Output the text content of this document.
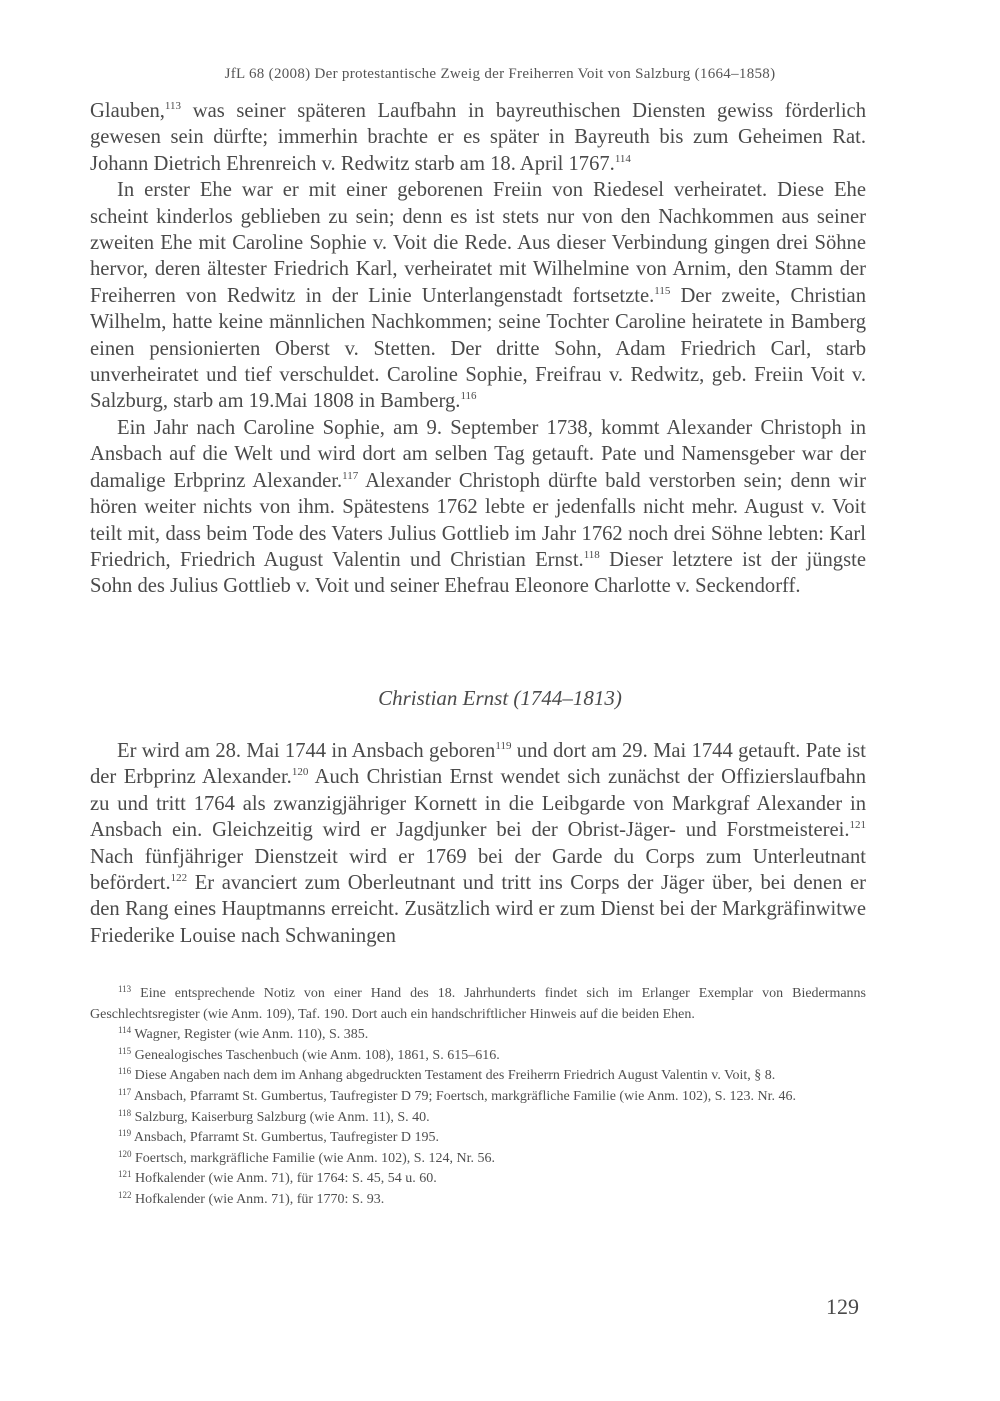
JfL 68 (2008) Der protestantische Zweig der Freiherren Voit von Salzburg (1664–1858)

Glauben,$^{113}$ was seiner späteren Laufbahn in bayreuthischen Diensten gewiss förderlich gewesen sein dürfte; immerhin brachte er es später in Bayreuth bis zum Geheimen Rat. Johann Dietrich Ehrenreich v. Redwitz starb am 18. April 1767.$^{114}$

In erster Ehe war er mit einer geborenen Freiin von Riedesel verheiratet. Diese Ehe scheint kinderlos geblieben zu sein; denn es ist stets nur von den Nachkommen aus seiner zweiten Ehe mit Caroline Sophie v. Voit die Rede. Aus dieser Verbindung gingen drei Söhne hervor, deren ältester Friedrich Karl, verheiratet mit Wilhelmine von Arnim, den Stamm der Freiherren von Redwitz in der Linie Unterlangenstadt fortsetzte.$^{115}$ Der zweite, Christian Wilhelm, hatte keine männlichen Nachkommen; seine Tochter Caroline heiratete in Bamberg einen pensionierten Oberst v. Stetten. Der dritte Sohn, Adam Friedrich Carl, starb unverheiratet und tief verschuldet. Caroline Sophie, Freifrau v. Redwitz, geb. Freiin Voit v. Salzburg, starb am 19.Mai 1808 in Bamberg.$^{116}$

Ein Jahr nach Caroline Sophie, am 9. September 1738, kommt Alexander Christoph in Ansbach auf die Welt und wird dort am selben Tag getauft. Pate und Namensgeber war der damalige Erbprinz Alexander.$^{117}$ Alexander Christoph dürfte bald verstorben sein; denn wir hören weiter nichts von ihm. Spätestens 1762 lebte er jedenfalls nicht mehr. August v. Voit teilt mit, dass beim Tode des Vaters Julius Gottlieb im Jahr 1762 noch drei Söhne lebten: Karl Friedrich, Friedrich August Valentin und Christian Ernst.$^{118}$ Dieser letztere ist der jüngste Sohn des Julius Gottlieb v. Voit und seiner Ehefrau Eleonore Charlotte v. Seckendorff.

Christian Ernst (1744–1813)

Er wird am 28. Mai 1744 in Ansbach geboren$^{119}$ und dort am 29. Mai 1744 getauft. Pate ist der Erbprinz Alexander.$^{120}$ Auch Christian Ernst wendet sich zunächst der Offizierslaufbahn zu und tritt 1764 als zwanzigjähriger Kornett in die Leibgarde von Markgraf Alexander in Ansbach ein. Gleichzeitig wird er Jagdjunker bei der Obrist-Jäger- und Forstmeisterei.$^{121}$ Nach fünfjähriger Dienstzeit wird er 1769 bei der Garde du Corps zum Unterleutnant befördert.$^{122}$ Er avanciert zum Oberleutnant und tritt ins Corps der Jäger über, bei denen er den Rang eines Hauptmanns erreicht. Zusätzlich wird er zum Dienst bei der Markgräfinwitwe Friederike Louise nach Schwaningen

$^{113}$ Eine entsprechende Notiz von einer Hand des 18. Jahrhunderts findet sich im Erlanger Exemplar von Biedermanns Geschlechtsregister (wie Anm. 109), Taf. 190. Dort auch ein handschriftlicher Hinweis auf die beiden Ehen.

$^{114}$ Wagner, Register (wie Anm. 110), S. 385.

$^{115}$ Genealogisches Taschenbuch (wie Anm. 108), 1861, S. 615–616.

$^{116}$ Diese Angaben nach dem im Anhang abgedruckten Testament des Freiherrn Friedrich August Valentin v. Voit, § 8.

$^{117}$ Ansbach, Pfarramt St. Gumbertus, Taufregister D 79; Foertsch, markgräfliche Familie (wie Anm. 102), S. 123. Nr. 46.

$^{118}$ Salzburg, Kaiserburg Salzburg (wie Anm. 11), S. 40.

$^{119}$ Ansbach, Pfarramt St. Gumbertus, Taufregister D 195.

$^{120}$ Foertsch, markgräfliche Familie (wie Anm. 102), S. 124, Nr. 56.

$^{121}$ Hofkalender (wie Anm. 71), für 1764: S. 45, 54 u. 60.

$^{122}$ Hofkalender (wie Anm. 71), für 1770: S. 93.

129
